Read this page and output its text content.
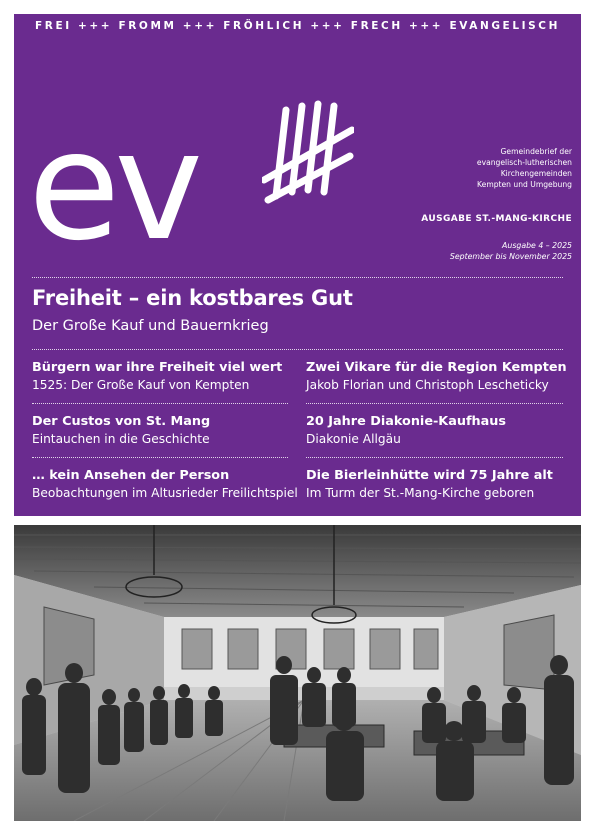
FREI +++ FROMM +++ FRÖHLICH +++ FRECH +++ EVANGELISCH
ev	Gemeindebrief der
evangelisch-lutherischen
Kirchengemeinden
Kempten und Umgebung
AUSGABE ST.-MANG-KIRCHE
Ausgabe 4 – 2025
September bis November 2025
Freiheit – ein kostbares Gut
Der Große Kauf und Bauernkrieg
Bürgern war ihre Freiheit viel wert
1525: Der Große Kauf von Kempten
Zwei Vikare für die Region Kempten
Jakob Florian und Christoph Lescheticky
Der Custos von St. Mang
Eintauchen in die Geschichte
20 Jahre Diakonie-Kaufhaus
Diakonie Allgäu
… kein Ansehen der Person
Beobachtungen im Altusrieder Freilichtspiel
Die Bierleinhütte wird 75 Jahre alt
Im Turm der St.-Mang-Kirche geboren
